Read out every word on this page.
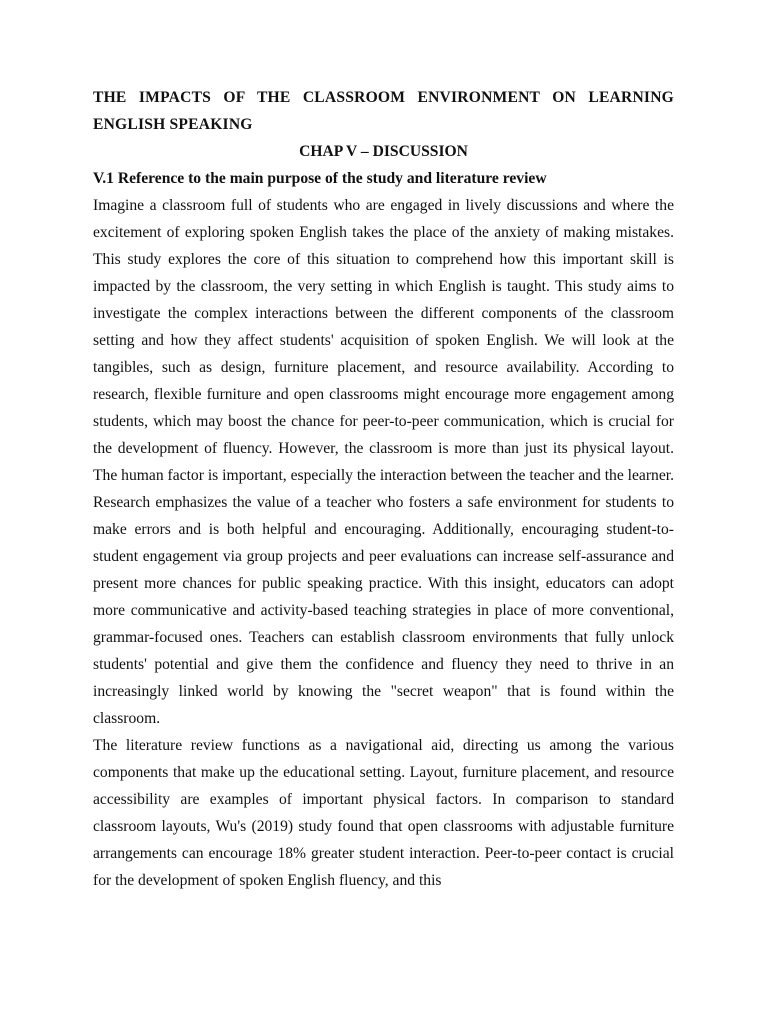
THE IMPACTS OF THE CLASSROOM ENVIRONMENT ON LEARNING ENGLISH SPEAKING

CHAP V – DISCUSSION

V.1 Reference to the main purpose of the study and literature review

Imagine a classroom full of students who are engaged in lively discussions and where the excitement of exploring spoken English takes the place of the anxiety of making mistakes. This study explores the core of this situation to comprehend how this important skill is impacted by the classroom, the very setting in which English is taught. This study aims to investigate the complex interactions between the different components of the classroom setting and how they affect students' acquisition of spoken English. We will look at the tangibles, such as design, furniture placement, and resource availability. According to research, flexible furniture and open classrooms might encourage more engagement among students, which may boost the chance for peer-to-peer communication, which is crucial for the development of fluency. However, the classroom is more than just its physical layout. The human factor is important, especially the interaction between the teacher and the learner. Research emphasizes the value of a teacher who fosters a safe environment for students to make errors and is both helpful and encouraging. Additionally, encouraging student-to-student engagement via group projects and peer evaluations can increase self-assurance and present more chances for public speaking practice. With this insight, educators can adopt more communicative and activity-based teaching strategies in place of more conventional, grammar-focused ones. Teachers can establish classroom environments that fully unlock students' potential and give them the confidence and fluency they need to thrive in an increasingly linked world by knowing the "secret weapon" that is found within the classroom.

The literature review functions as a navigational aid, directing us among the various components that make up the educational setting. Layout, furniture placement, and resource accessibility are examples of important physical factors. In comparison to standard classroom layouts, Wu's (2019) study found that open classrooms with adjustable furniture arrangements can encourage 18% greater student interaction. Peer-to-peer contact is crucial for the development of spoken English fluency, and this
